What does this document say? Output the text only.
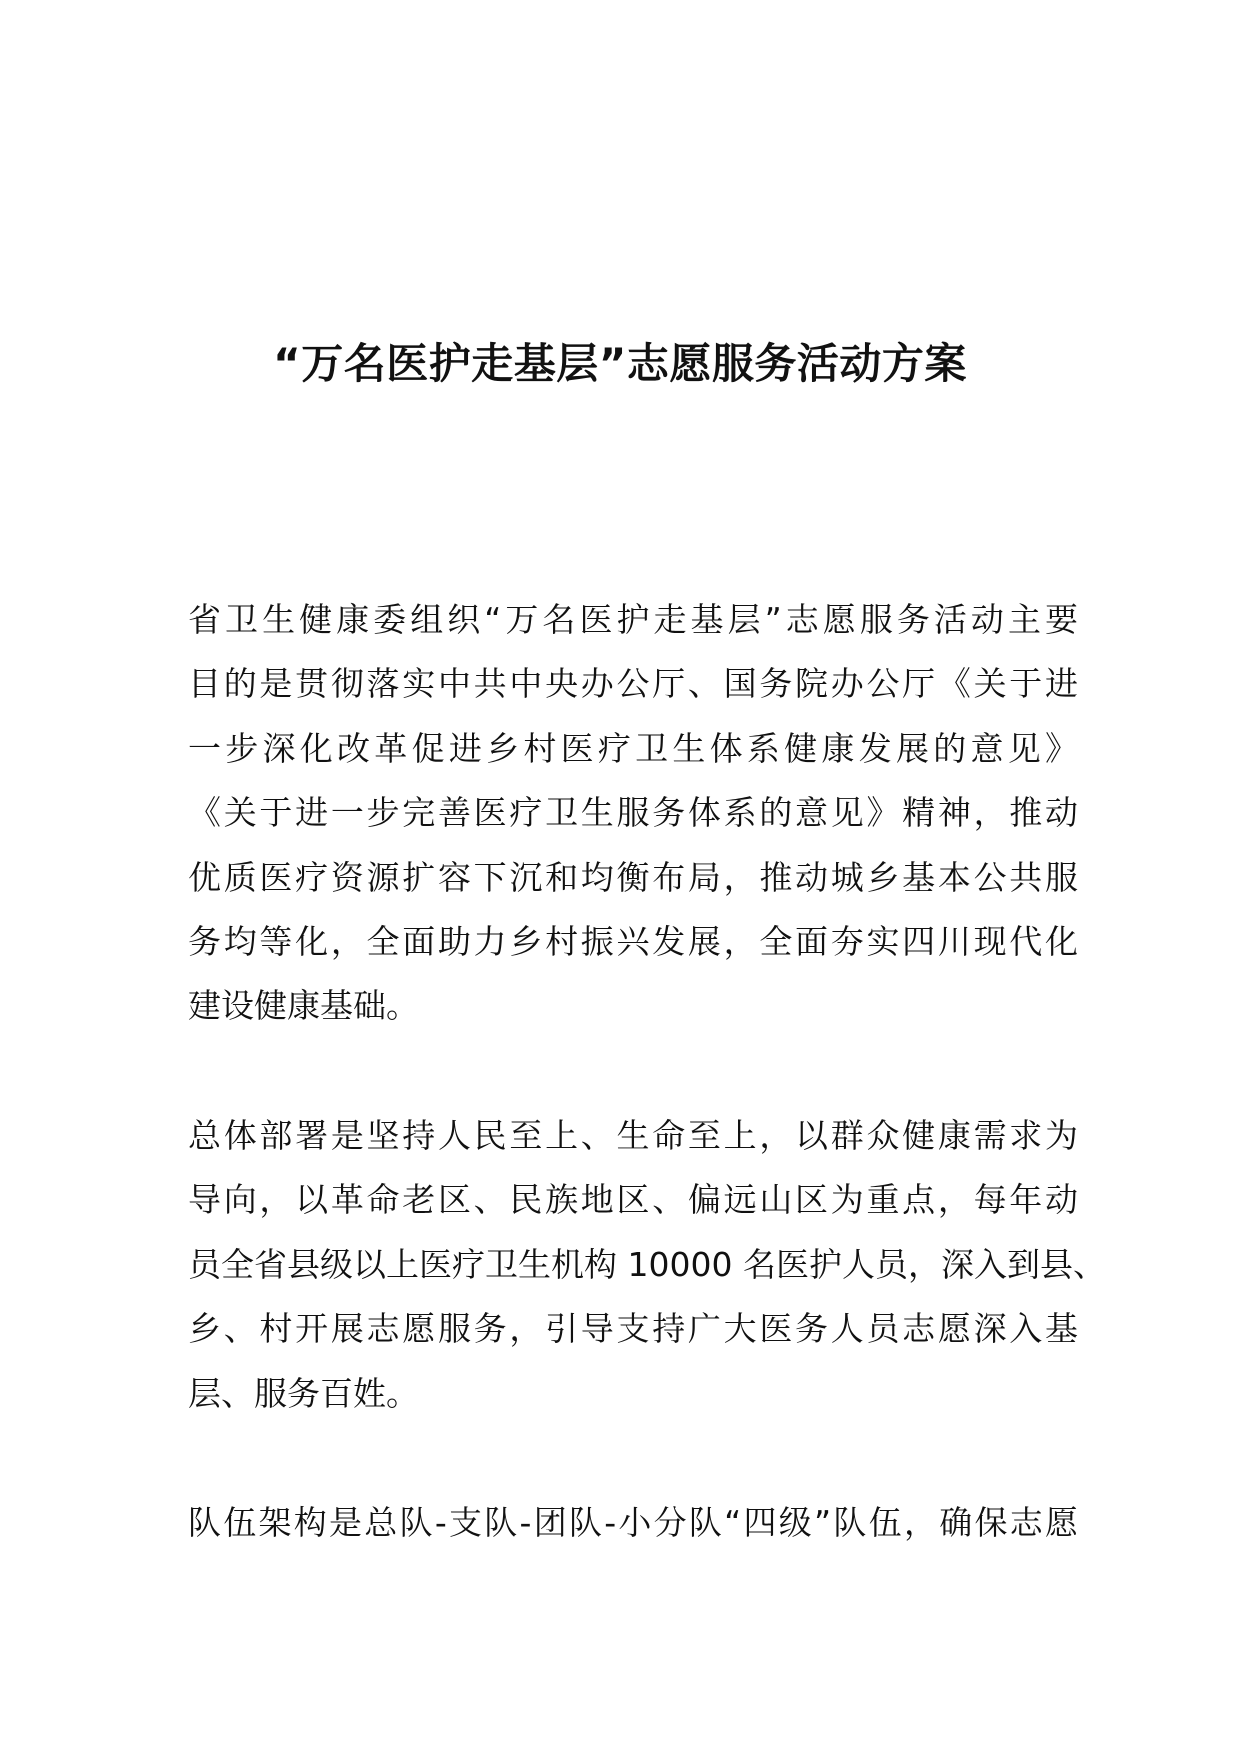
“万名医护走基层”志愿服务活动方案
省卫生健康委组织“万名医护走基层”志愿服务活动主要
目的是贯彻落实中共中央办公厅、国务院办公厅《关于进
一步深化改革促进乡村医疗卫生体系健康发展的意见》
《关于进一步完善医疗卫生服务体系的意见》精神，推动
优质医疗资源扩容下沉和均衡布局，推动城乡基本公共服
务均等化，全面助力乡村振兴发展，全面夯实四川现代化
建设健康基础。
总体部署是坚持人民至上、生命至上，以群众健康需求为
导向，以革命老区、民族地区、偏远山区为重点，每年动
员全省县级以上医疗卫生机构 10000 名医护人员，深入到县、
乡、村开展志愿服务，引导支持广大医务人员志愿深入基
层、服务百姓。
队伍架构是总队-支队-团队-小分队“四级”队伍，确保志愿
